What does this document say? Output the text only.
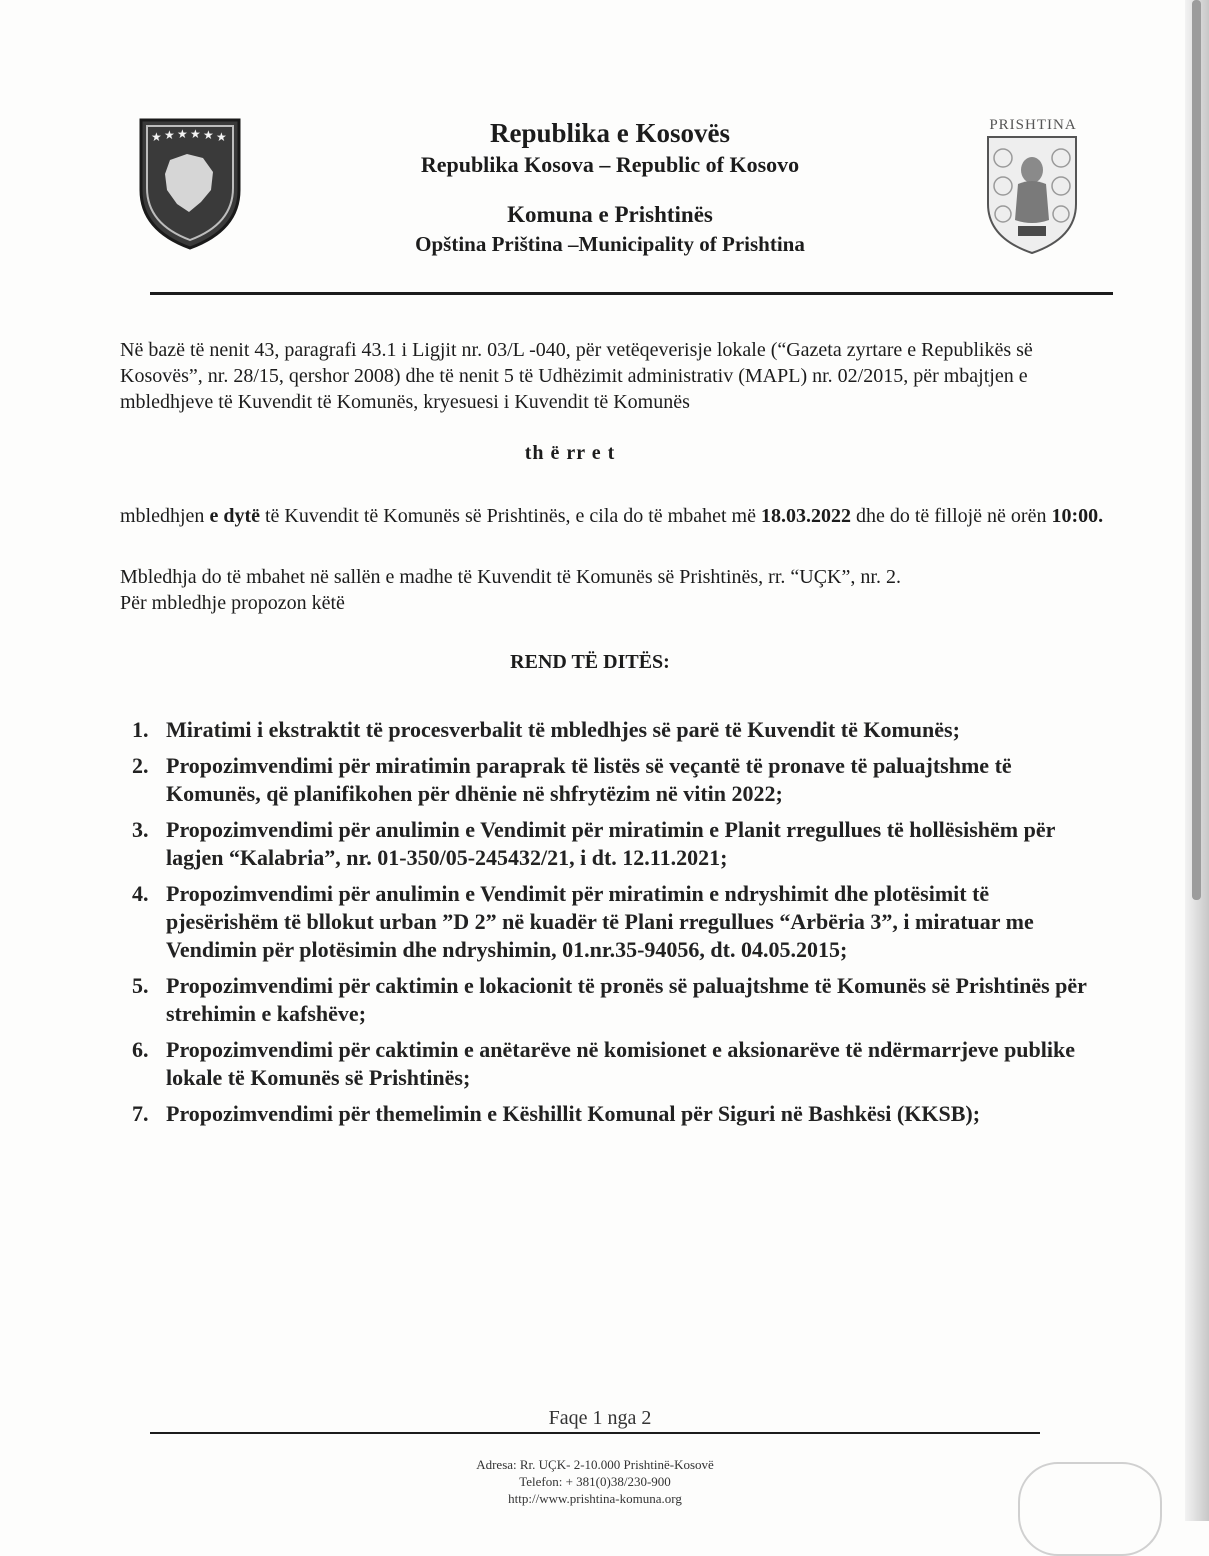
★ ★ ★ ★ ★ ★	Republika e Kosovës
Republika Kosova – Republic of Kosovo
Komuna e Prishtinës
Opština Priština –Municipality of Prishtina
PRISHTINA
Në bazë të nenit 43, paragrafi 43.1 i Ligjit nr. 03/L -040, për vetëqeverisje lokale (“Gazeta zyrtare e Republikës së Kosovës”, nr. 28/15, qershor 2008) dhe të nenit 5 të Udhëzimit administrativ (MAPL) nr. 02/2015, për mbajtjen e mbledhjeve të Kuvendit të Komunës, kryesuesi i Kuvendit të Komunës
th ë rr e t
mbledhjen e dytë të Kuvendit të Komunës së Prishtinës, e cila do të mbahet më 18.03.2022 dhe do të fillojë në orën 10:00.
Mbledhja do të mbahet në sallën e madhe të Kuvendit të Komunës së Prishtinës, rr. “UÇK”, nr. 2.
Për mbledhje propozon këtë
REND TË DITËS:
1. Miratimi i ekstraktit të procesverbalit të mbledhjes së parë të Kuvendit të Komunës;
2. Propozimvendimi për miratimin paraprak të listës së veçantë të pronave të paluajtshme të Komunës, që planifikohen për dhënie në shfrytëzim në vitin 2022;
3. Propozimvendimi për anulimin e Vendimit për miratimin e Planit rregullues të hollësishëm për lagjen “Kalabria”, nr. 01-350/05-245432/21, i dt. 12.11.2021;
4. Propozimvendimi për anulimin e Vendimit për miratimin e ndryshimit dhe plotësimit të pjesërishëm të bllokut urban ”D 2” në kuadër të Plani rregullues “Arbëria 3”, i miratuar me Vendimin për plotësimin dhe ndryshimin, 01.nr.35-94056, dt. 04.05.2015;
5. Propozimvendimi për caktimin e lokacionit të pronës së paluajtshme të Komunës së Prishtinës për strehimin e kafshëve;
6. Propozimvendimi për caktimin e anëtarëve në komisionet e aksionarëve të ndërmarrjeve publike lokale të Komunës së Prishtinës;
7. Propozimvendimi për themelimin e Këshillit Komunal për Siguri në Bashkësi (KKSB);
Faqe 1 nga 2
Adresa: Rr. UÇK- 2-10.000 Prishtinë-Kosovë
Telefon: + 381(0)38/230-900
http://www.prishtina-komuna.org
